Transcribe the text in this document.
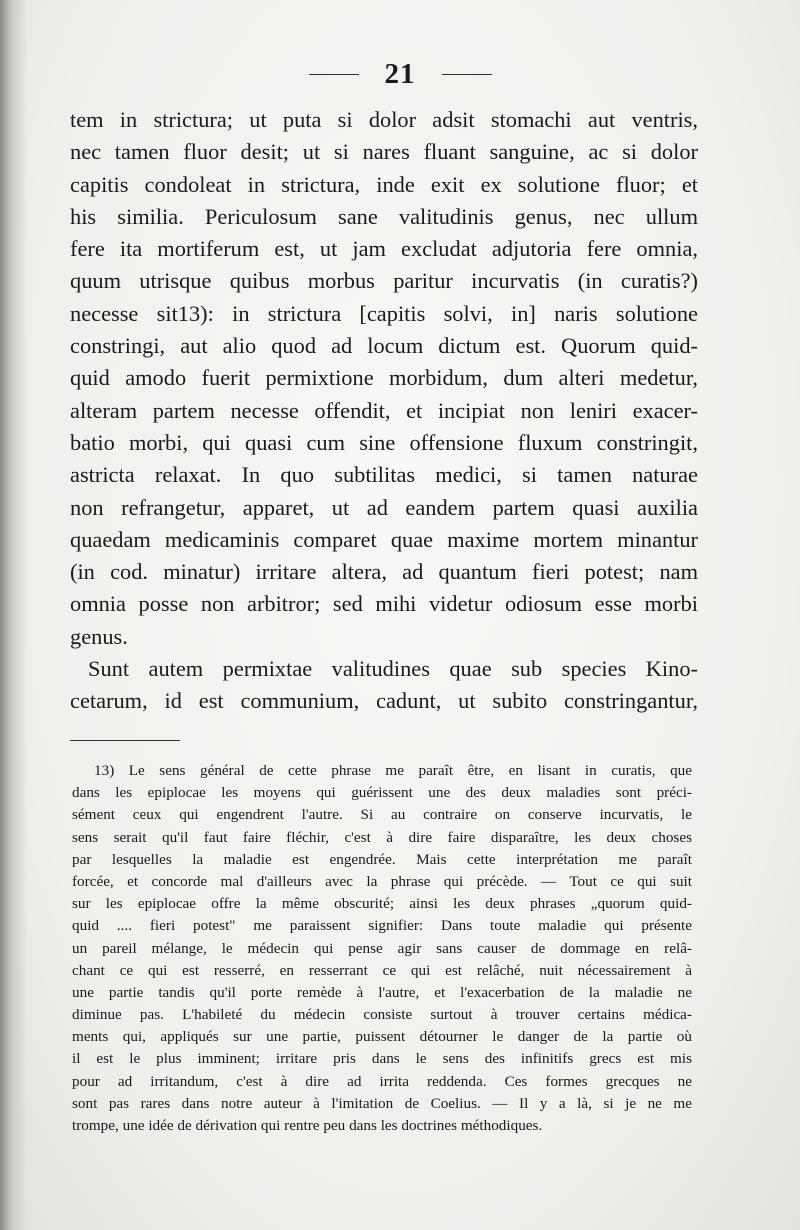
21
tem in strictura; ut puta si dolor adsit stomachi aut ventris,
nec tamen fluor desit; ut si nares fluant sanguine, ac si dolor
capitis condoleat in strictura, inde exit ex solutione fluor; et
his similia. Periculosum sane valitudinis genus, nec ullum
fere ita mortiferum est, ut jam excludat adjutoria fere omnia,
quum utrisque quibus morbus paritur incurvatis (in curatis?)
necesse sit13): in strictura [capitis solvi, in] naris solutione
constringi, aut alio quod ad locum dictum est. Quorum quid-
quid amodo fuerit permixtione morbidum, dum alteri medetur,
alteram partem necesse offendit, et incipiat non leniri exacer-
batio morbi, qui quasi cum sine offensione fluxum constringit,
astricta relaxat. In quo subtilitas medici, si tamen naturae
non refrangetur, apparet, ut ad eandem partem quasi auxilia
quaedam medicaminis comparet quae maxime mortem minantur
(in cod. minatur) irritare altera, ad quantum fieri potest; nam
omnia posse non arbitror; sed mihi videtur odiosum esse morbi
genus.
Sunt autem permixtae valitudines quae sub species Kino-
cetarum, id est communium, cadunt, ut subito constringantur,
13) Le sens général de cette phrase me paraît être, en lisant in curatis, que
dans les epiplocae les moyens qui guérissent une des deux maladies sont préci-
sément ceux qui engendrent l'autre. Si au contraire on conserve incurvatis, le
sens serait qu'il faut faire fléchir, c'est à dire faire disparaître, les deux choses
par lesquelles la maladie est engendrée. Mais cette interprétation me paraît
forcée, et concorde mal d'ailleurs avec la phrase qui précède. — Tout ce qui suit
sur les epiplocae offre la même obscurité; ainsi les deux phrases „quorum quid-
quid .... fieri potest" me paraissent signifier: Dans toute maladie qui présente
un pareil mélange, le médecin qui pense agir sans causer de dommage en relâ-
chant ce qui est resserré, en resserrant ce qui est relâché, nuit nécessairement à
une partie tandis qu'il porte remède à l'autre, et l'exacerbation de la maladie ne
diminue pas. L'habileté du médecin consiste surtout à trouver certains médica-
ments qui, appliqués sur une partie, puissent détourner le danger de la partie où
il est le plus imminent; irritare pris dans le sens des infinitifs grecs est mis
pour ad irritandum, c'est à dire ad irrita reddenda. Ces formes grecques ne
sont pas rares dans notre auteur à l'imitation de Coelius. — Il y a là, si je ne me
trompe, une idée de dérivation qui rentre peu dans les doctrines méthodiques.
